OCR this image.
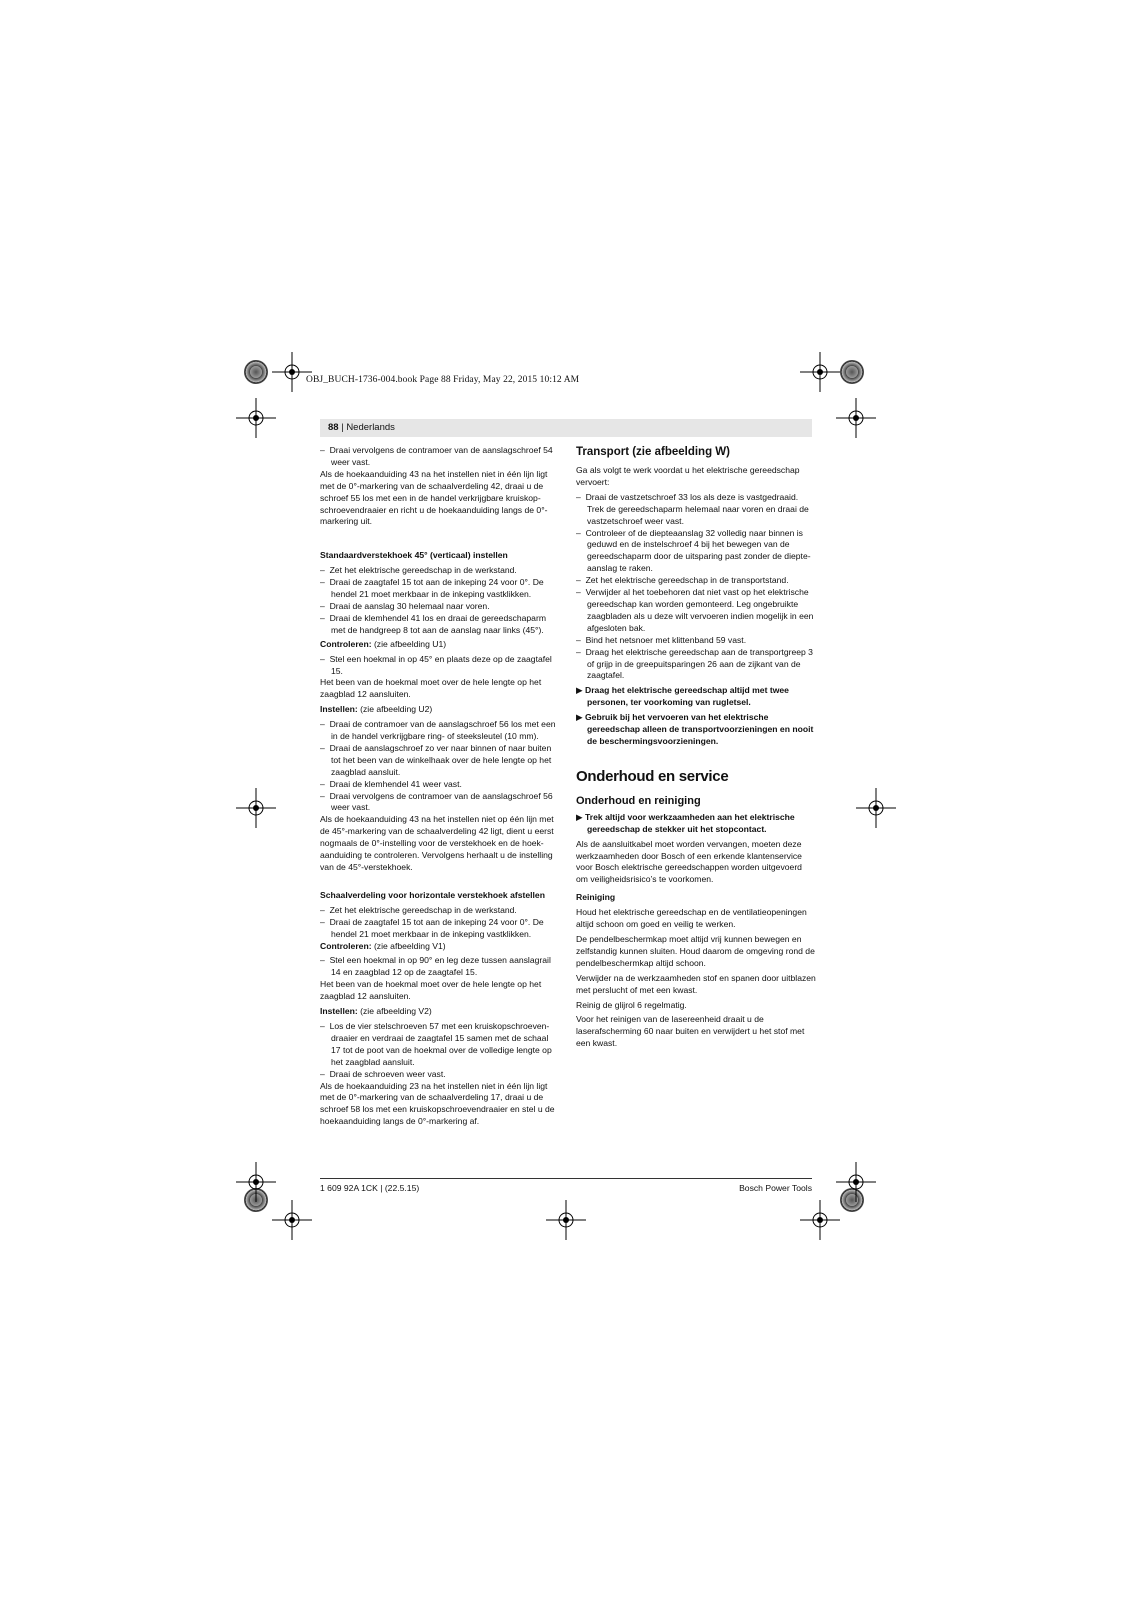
OBJ_BUCH-1736-004.book Page 88 Friday, May 22, 2015 10:12 AM
88 | Nederlands

–  Draai vervolgens de contramoer van de aanslagschroef 54 weer vast.

Als de hoekaanduiding 43 na het instellen niet in één lijn ligt met de 0°-markering van de schaalverdeling 42, draai u de schroef 55 los met een in de handel verkrijgbare kruiskop-schroevendraaier en richt u de hoekaanduiding langs de 0°-markering uit.

Standaardverstekhoek 45° (verticaal) instellen

–  Zet het elektrische gereedschap in de werkstand.

–  Draai de zaagtafel 15 tot aan de inkeping 24 voor 0°. De hendel 21 moet merkbaar in de inkeping vastklikken.

–  Draai de aanslag 30 helemaal naar voren.

–  Draai de klemhendel 41 los en draai de gereedschaparm met de handgreep 8 tot aan de aanslag naar links (45°).

Controleren: (zie afbeelding U1)

–  Stel een hoekmal in op 45° en plaats deze op de zaagtafel 15.

Het been van de hoekmal moet over de hele lengte op het zaagblad 12 aansluiten.

Instellen: (zie afbeelding U2)

–  Draai de contramoer van de aanslagschroef 56 los met een in de handel verkrijgbare ring- of steeksleutel (10 mm).

–  Draai de aanslagschroef zo ver naar binnen of naar buiten tot het been van de winkelhaak over de hele lengte op het zaagblad aansluit.

–  Draai de klemhendel 41 weer vast.

–  Draai vervolgens de contramoer van de aanslagschroef 56 weer vast.

Als de hoekaanduiding 43 na het instellen niet op één lijn met de 45°-markering van de schaalverdeling 42 ligt, dient u eerst nogmaals de 0°-instelling voor de verstekhoek en de hoek-aanduiding te controleren. Vervolgens herhaalt u de instelling van de 45°-verstekhoek.

Schaalverdeling voor horizontale verstekhoek afstellen

–  Zet het elektrische gereedschap in de werkstand.

–  Draai de zaagtafel 15 tot aan de inkeping 24 voor 0°. De hendel 21 moet merkbaar in de inkeping vastklikken.

Controleren: (zie afbeelding V1)

–  Stel een hoekmal in op 90° en leg deze tussen aanslagrail 14 en zaagblad 12 op de zaagtafel 15.

Het been van de hoekmal moet over de hele lengte op het zaagblad 12 aansluiten.

Instellen: (zie afbeelding V2)

–  Los de vier stelschroeven 57 met een kruiskopschroeven-draaier en verdraai de zaagtafel 15 samen met de schaal 17 tot de poot van de hoekmal over de volledige lengte op het zaagblad aansluit.

–  Draai de schroeven weer vast.

Als de hoekaanduiding 23 na het instellen niet in één lijn ligt met de 0°-markering van de schaalverdeling 17, draai u de schroef 58 los met een kruiskopschroevendraaier en stel u de hoekaanduiding langs de 0°-markering af.

Transport (zie afbeelding W)

Ga als volgt te werk voordat u het elektrische gereedschap vervoert:

–  Draai de vastzetschroef 33 los als deze is vastgedraaid. Trek de gereedschaparm helemaal naar voren en draai de vastzetschroef weer vast.

–  Controleer of de diepteaanslag 32 volledig naar binnen is geduwd en de instelschroef 4 bij het bewegen van de gereedschaparm door de uitsparing past zonder de diepte-aanslag te raken.

–  Zet het elektrische gereedschap in de transportstand.

–  Verwijder al het toebehoren dat niet vast op het elektrische gereedschap kan worden gemonteerd. Leg ongebruikte zaagbladen als u deze wilt vervoeren indien mogelijk in een afgesloten bak.

–  Bind het netsnoer met klittenband 59 vast.

–  Draag het elektrische gereedschap aan de transportgreep 3 of grijp in de greepuitsparingen 26 aan de zijkant van de zaagtafel.

▶ Draag het elektrische gereedschap altijd met twee personen, ter voorkoming van rugletsel.

▶ Gebruik bij het vervoeren van het elektrische gereedschap alleen de transportvoorzieningen en nooit de beschermingsvoorzieningen.

Onderhoud en service

Onderhoud en reiniging

▶ Trek altijd voor werkzaamheden aan het elektrische gereedschap de stekker uit het stopcontact.

Als de aansluitkabel moet worden vervangen, moeten deze werkzaamheden door Bosch of een erkende klantenservice voor Bosch elektrische gereedschappen worden uitgevoerd om veiligheidsrisico’s te voorkomen.

Reiniging

Houd het elektrische gereedschap en de ventilatieopeningen altijd schoon om goed en veilig te werken.

De pendelbeschermkap moet altijd vrij kunnen bewegen en zelfstandig kunnen sluiten. Houd daarom de omgeving rond de pendelbeschermkap altijd schoon.

Verwijder na de werkzaamheden stof en spanen door uitblazen met perslucht of met een kwast.

Reinig de glijrol 6 regelmatig.

Voor het reinigen van de lasereenheid draait u de laserafscherming 60 naar buiten en verwijdert u het stof met een kwast.

1 609 92A 1CK | (22.5.15)	Bosch Power Tools
